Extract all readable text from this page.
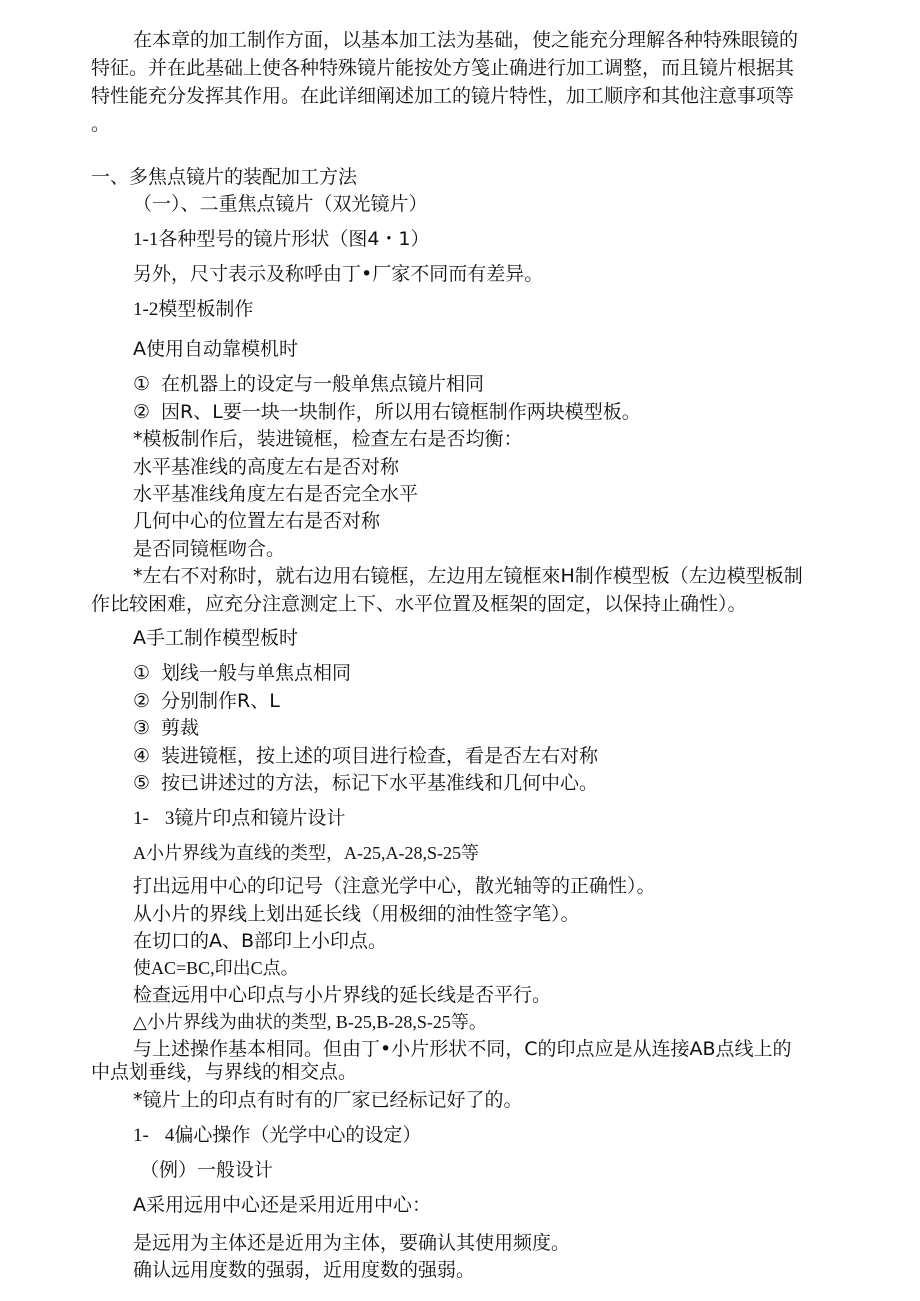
在本章的加工制作方面，以基本加工法为基础，使之能充分理解各种特殊眼镜的
特征。并在此基础上使各种特殊镜片能按处方笺止确进行加工调整，而且镜片根据其
特性能充分发挥其作用。在此详细阐述加工的镜片特性，加工顺序和其他注意事项等
。
一、多焦点镜片的装配加工方法
（一）、二重焦点镜片（双光镜片）
1-1各种型号的镜片形状（图4・1）
另外，尺寸表示及称呼由丁•厂家不同而有差异。
1-2模型板制作
A使用自动靠模机时
① 在机器上的设定与一般单焦点镜片相同
② 因R、L要一块一块制作，所以用右镜框制作两块模型板。
*模板制作后，装进镜框，检查左右是否均衡：
水平基准线的高度左右是否对称
水平基准线角度左右是否完全水平
几何中心的位置左右是否对称
是否同镜框吻合。
*左右不对称时，就右边用右镜框，左边用左镜框來H制作模型板（左边模型板制
作比较困难，应充分注意测定上下、水平位置及框架的固定，以保持止确性）。
A手工制作模型板时
① 划线一般与单焦点相同
② 分别制作R、L
③ 剪裁
④ 装进镜框，按上述的项目进行检查，看是否左右对称
⑤ 按已讲述过的方法，标记下水平基准线和几何中心。
1- 3镜片印点和镜片设计
A小片界线为直线的类型，A-25,A-28,S-25等
打出远用中心的印记号（注意光学中心，散光轴等的正确性）。
从小片的界线上划出延长线（用极细的油性签字笔）。
在切口的A、B部印上小印点。
使AC=BC,印出C点。
检查远用中心印点与小片界线的延长线是否平行。
△小片界线为曲状的类型, B-25,B-28,S-25等。
与上述操作基本相同。但由丁•小片形状不同，C的印点应是从连接AB点线上的
中点划垂线，与界线的相交点。
*镜片上的印点有时有的厂家已经标记好了的。
1- 4偏心操作（光学中心的设定）
（例）一般设计
A采用远用中心还是采用近用中心：
是远用为主体还是近用为主体，要确认其使用频度。
确认远用度数的强弱，近用度数的强弱。
